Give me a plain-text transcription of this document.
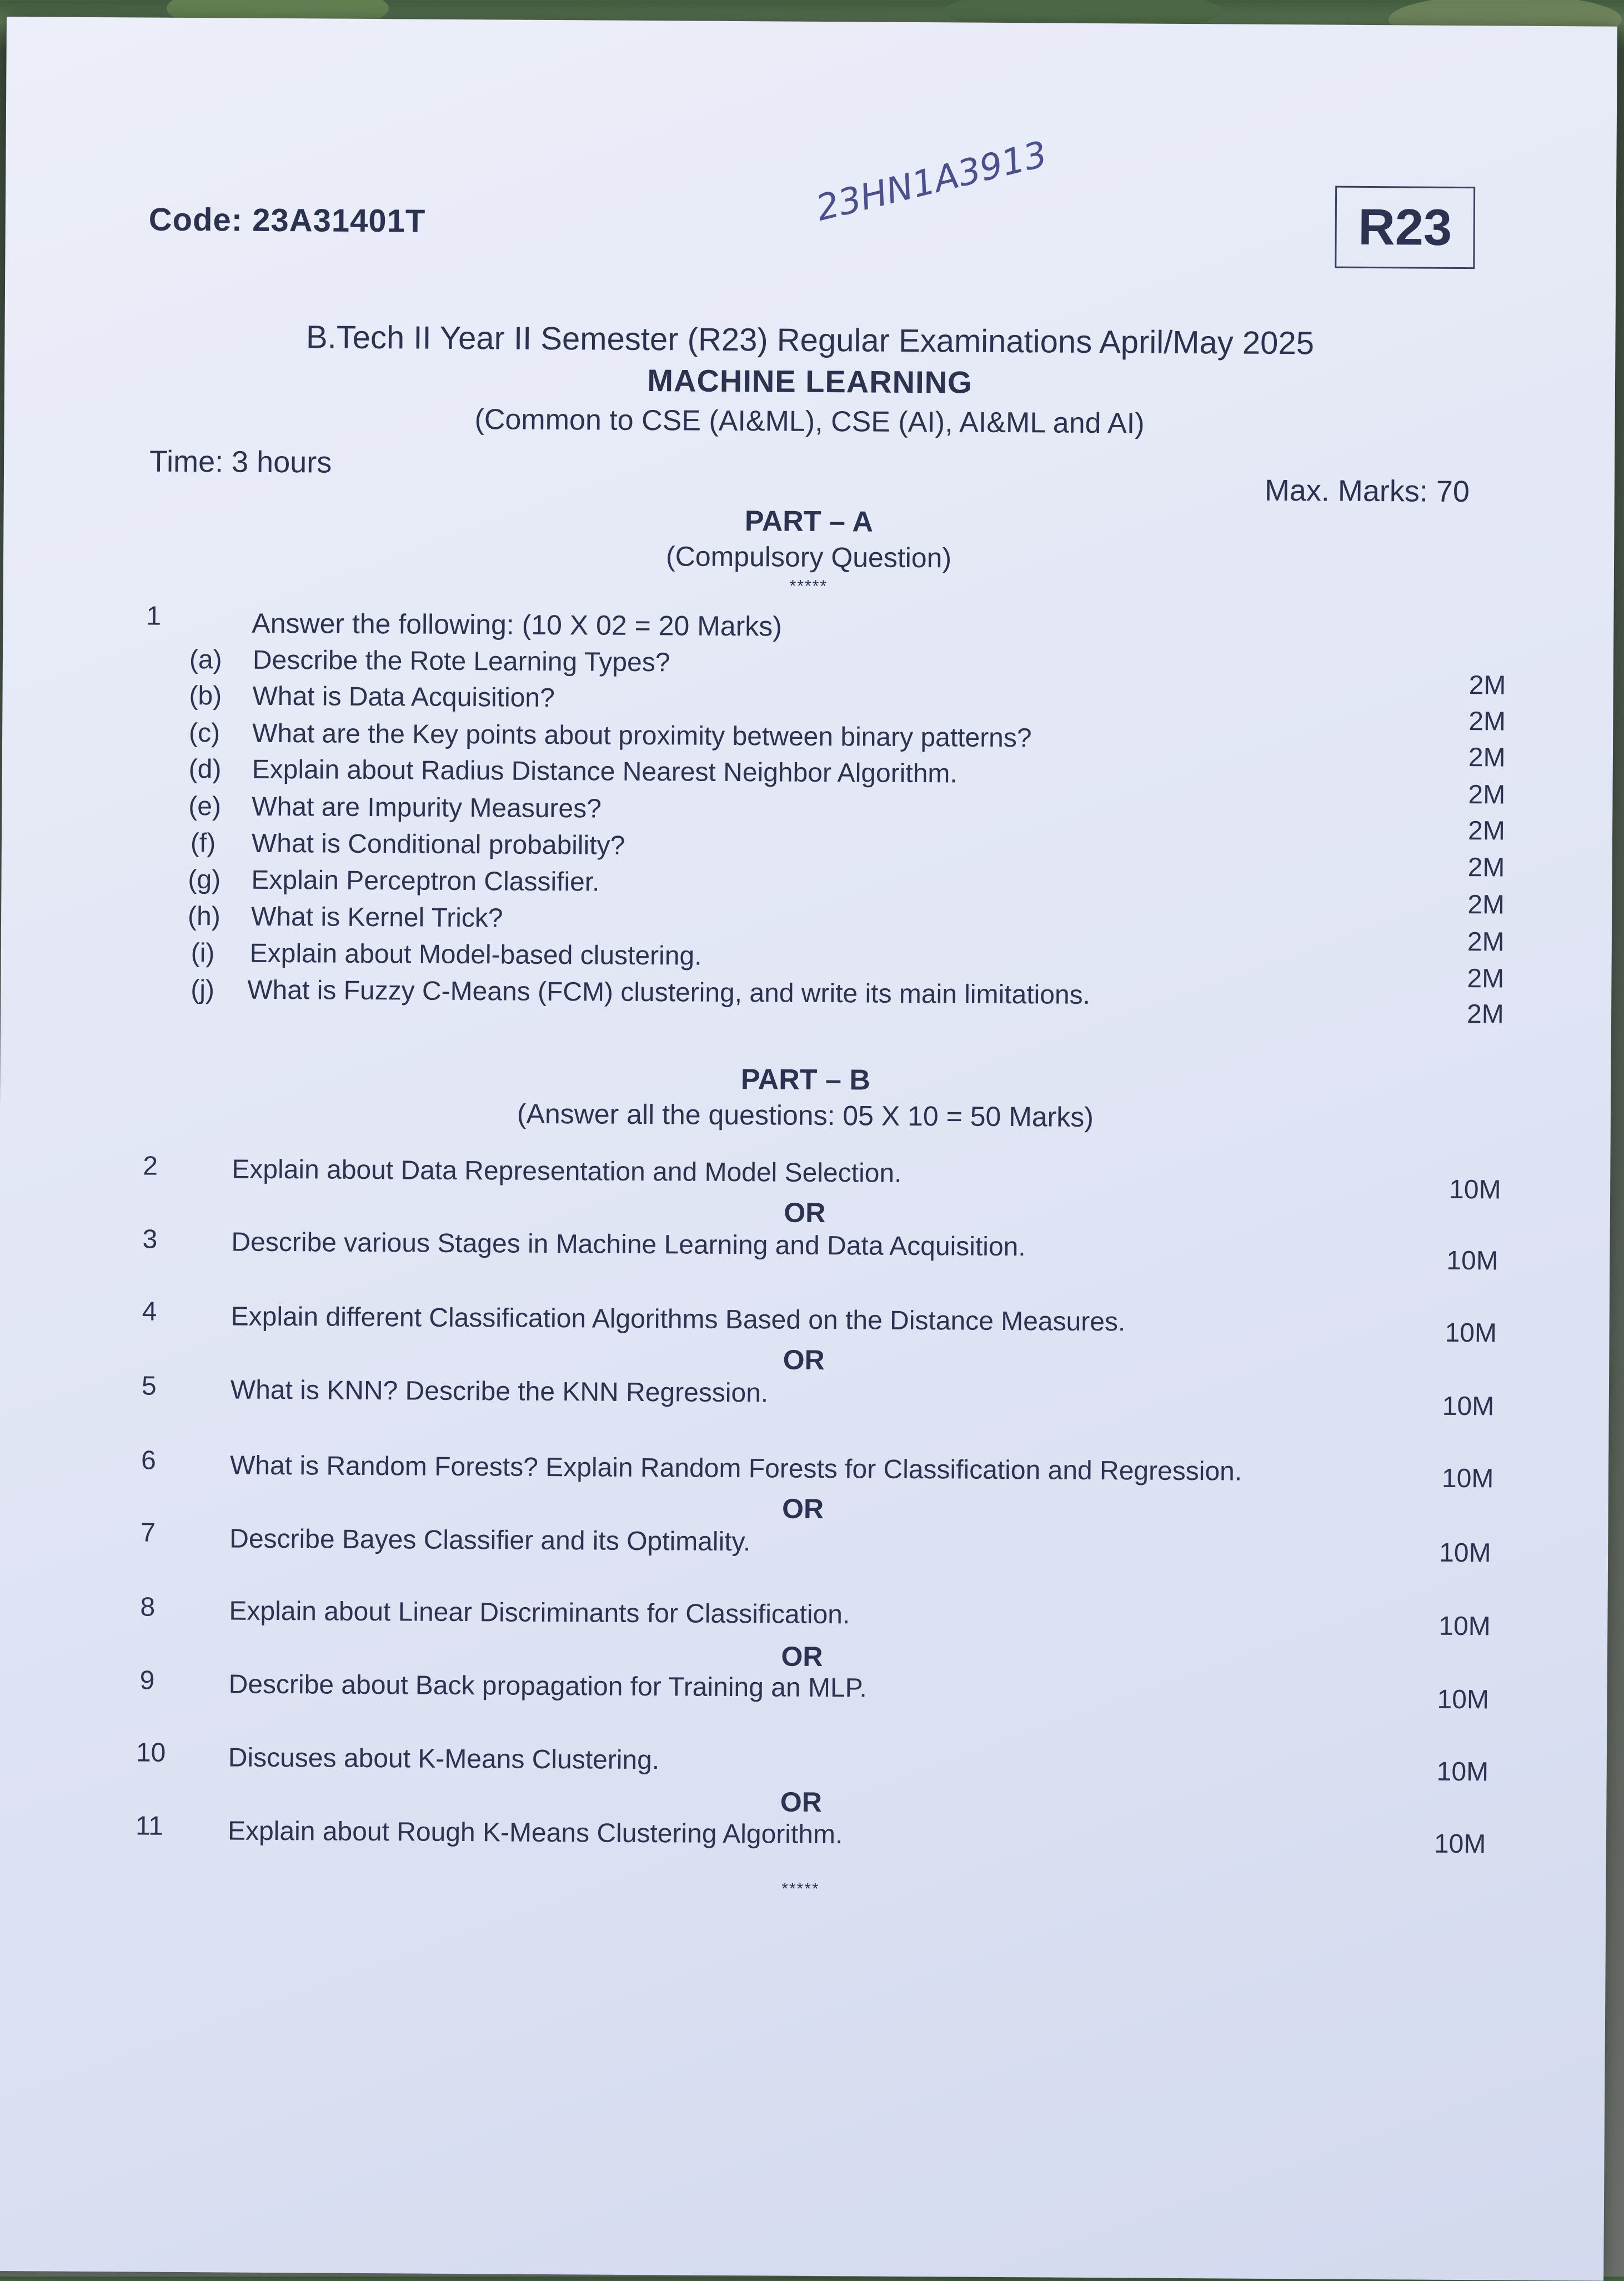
Code: 23A31401T	23HN1A3913	R23
B.Tech II Year II Semester (R23) Regular Examinations April/May 2025
MACHINE LEARNING
(Common to CSE (AI&ML), CSE (AI), AI&ML and AI)
Time: 3 hours
Max. Marks: 70
PART – A
(Compulsory Question)
*****
1	Answer the following: (10 X 02 = 20 Marks)
(a) Describe the Rote Learning Types?
2M
(b) What is Data Acquisition?
2M
(c) What are the Key points about proximity between binary patterns?
2M
(d) Explain about Radius Distance Nearest Neighbor Algorithm.
2M
(e) What are Impurity Measures?
2M
(f) What is Conditional probability?
2M
(g) Explain Perceptron Classifier.
2M
(h) What is Kernel Trick?
2M
(i) Explain about Model-based clustering.
2M
(j) What is Fuzzy C-Means (FCM) clustering, and write its main limitations.
2M
PART – B
(Answer all the questions: 05 X 10 = 50 Marks)
2	Explain about Data Representation and Model Selection.
10M
OR
3	Describe various Stages in Machine Learning and Data Acquisition.	10M
4	Explain different Classification Algorithms Based on the Distance Measures.	10M
OR
5	What is KNN? Describe the KNN Regression.	10M
6	What is Random Forests? Explain Random Forests for Classification and Regression.	10M
OR
7	Describe Bayes Classifier and its Optimality.	10M
8	Explain about Linear Discriminants for Classification.	10M
OR
9	Describe about Back propagation for Training an MLP.	10M
10 Discuses about K-Means Clustering.	10M
OR
11 Explain about Rough K-Means Clustering Algorithm.	10M
*****
